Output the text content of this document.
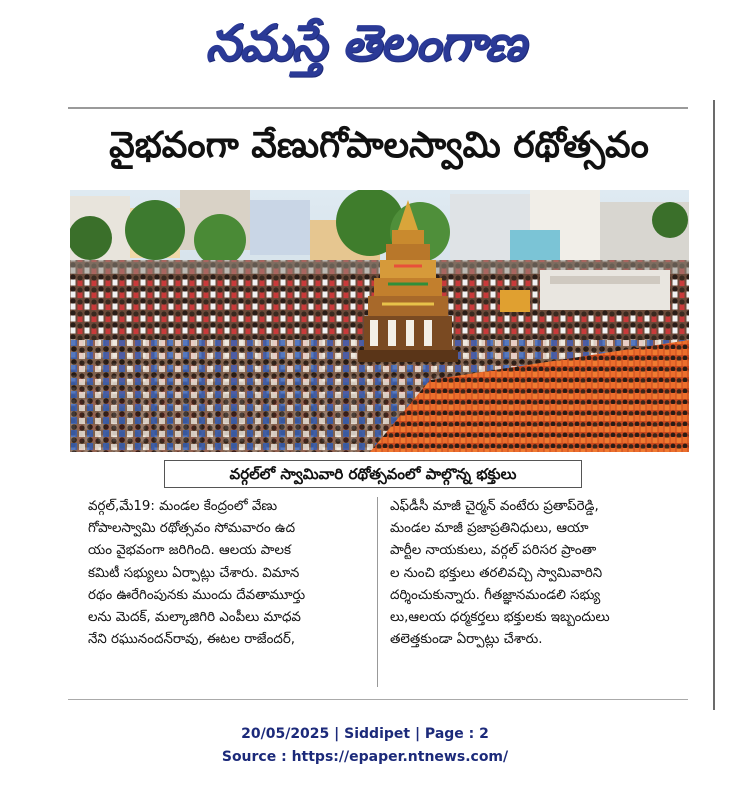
నమస్తే తెలంగాణ
వైభవంగా వేణుగోపాలస్వామి రథోత్సవం
వర్గల్‌లో స్వామివారి రథోత్సవంలో పాల్గొన్న భక్తులు
వర్గల్,మే19: మండల కేంద్రంలో వేణు
గోపాలస్వామి రథోత్సవం సోమవారం ఉద
యం వైభవంగా జరిగింది. ఆలయ పాలక
కమిటీ సభ్యులు ఏర్పాట్లు చేశారు. విమాన
రథం ఊరేగింపునకు ముందు దేవతామూర్తు
లను మెదక్, మల్కాజిగిరి ఎంపీలు మాధవ
నేని రఘునందన్‌రావు, ఈటల రాజేందర్,
ఎఫ్‌డీసీ మాజీ చైర్మన్ వంటేరు ప్రతాప్‌రెడ్డి,
మండల మాజీ ప్రజాప్రతినిధులు, ఆయా
పార్టీల నాయకులు, వర్గల్ పరిసర ప్రాంతా
ల నుంచి భక్తులు తరలివచ్చి స్వామివారిని
దర్శించుకున్నారు. గీతజ్ఞానమండలి సభ్యు
లు,ఆలయ ధర్మకర్తలు భక్తులకు ఇబ్బందులు
తలెత్తకుండా ఏర్పాట్లు చేశారు.
20/05/2025 | Siddipet | Page : 2
Source : https://epaper.ntnews.com/
